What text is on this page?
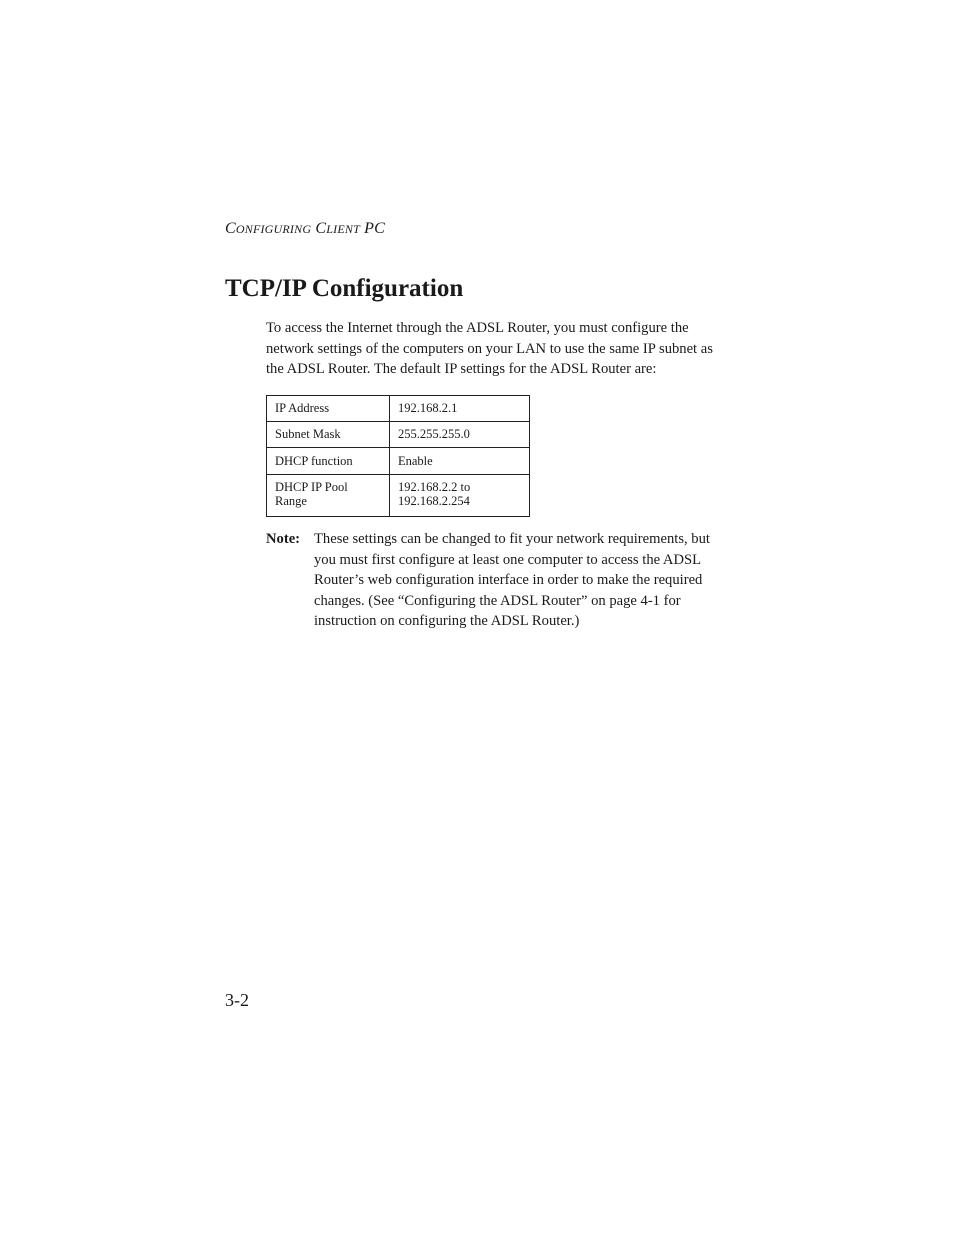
CONFIGURING CLIENT PC
TCP/IP Configuration

To access the Internet through the ADSL Router, you must configure the network settings of the computers on your LAN to use the same IP subnet as the ADSL Router. The default IP settings for the ADSL Router are:

IP Address	192.168.2.1
Subnet Mask	255.255.255.0
DHCP function	Enable
DHCP IP Pool Range	192.168.2.2 to
192.168.2.254
Note: These settings can be changed to fit your network requirements, but you must first configure at least one computer to access the ADSL Router’s web configuration interface in order to make the required changes. (See “Configuring the ADSL Router” on page 4-1 for instruction on configuring the ADSL Router.)
3-2
